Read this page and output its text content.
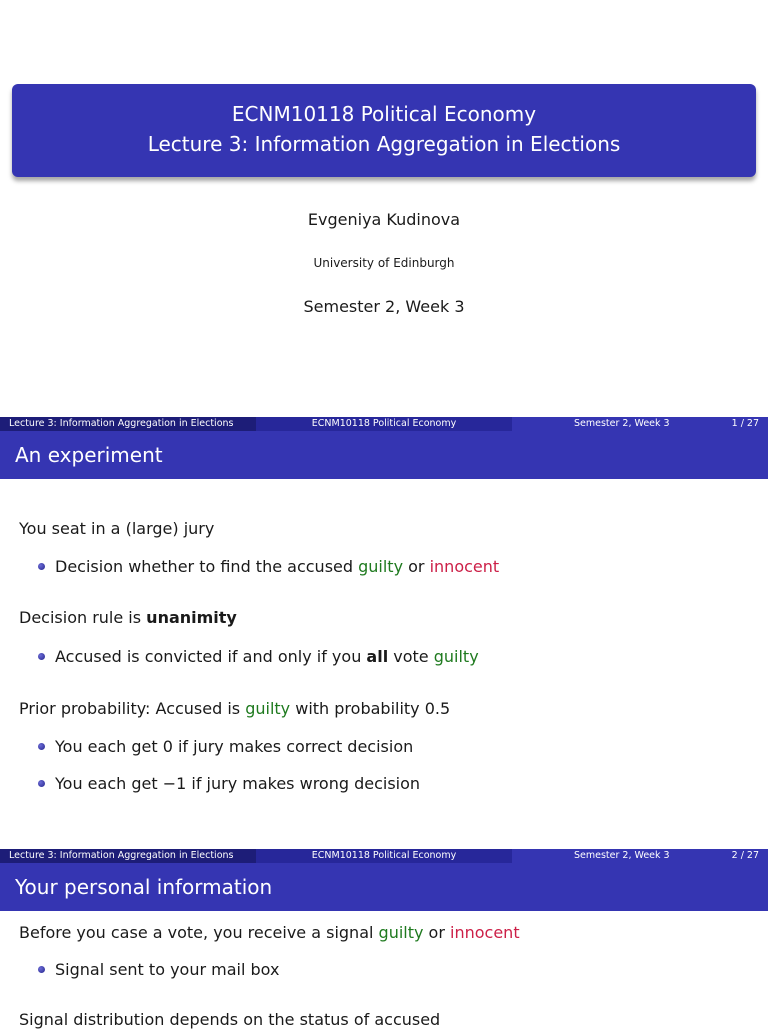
ECNM10118 Political Economy
Lecture 3: Information Aggregation in Elections
Evgeniya Kudinova
University of Edinburgh
Semester 2, Week 3
Lecture 3: Information Aggregation in Elections	ECNM10118 Political Economy	Semester 2, Week 3	1 / 27
An experiment
You seat in a (large) jury
Decision whether to find the accused guilty or innocent
Decision rule is unanimity
Accused is convicted if and only if you all vote guilty
Prior probability: Accused is guilty with probability 0.5
You each get 0 if jury makes correct decision
You each get −1 if jury makes wrong decision
Lecture 3: Information Aggregation in Elections	ECNM10118 Political Economy	Semester 2, Week 3	2 / 27
Your personal information
Before you case a vote, you receive a signal guilty or innocent
Signal sent to your mail box
Signal distribution depends on the status of accused
